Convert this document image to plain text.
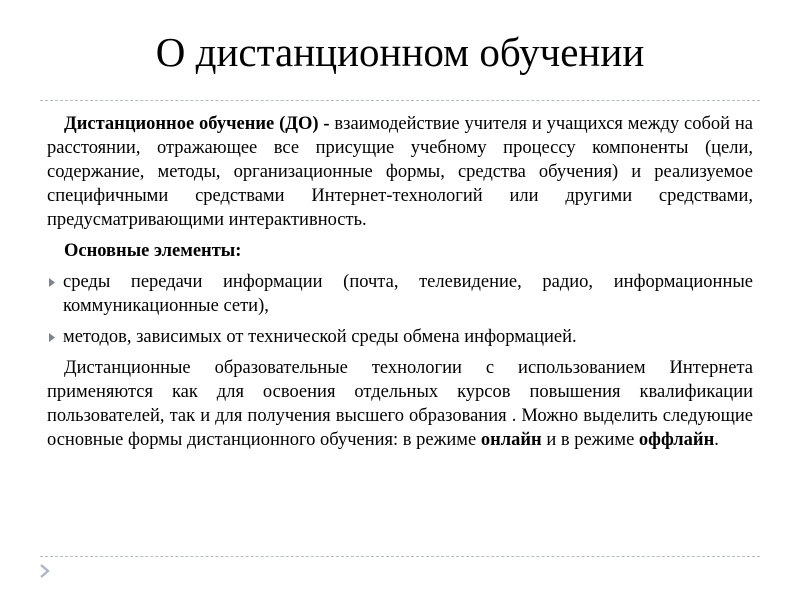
О дистанционном обучении

Дистанционное обучение (ДО) - взаимодействие учителя и учащихся между собой на расстоянии, отражающее все присущие учебному процессу компоненты (цели, содержание, методы, организационные формы, средства обучения) и реализуемое специфичными средствами Интернет-технологий или другими средствами, предусматривающими интерактивность.

Основные элементы:

среды передачи информации (почта, телевидение, радио, информационные коммуникационные сети),
методов, зависимых от технической среды обмена информацией.

Дистанционные образовательные технологии с использованием Интернета применяются как для освоения отдельных курсов повышения квалификации пользователей, так и для получения высшего образования . Можно выделить следующие основные формы дистанционного обучения: в режиме онлайн и в режиме оффлайн.
